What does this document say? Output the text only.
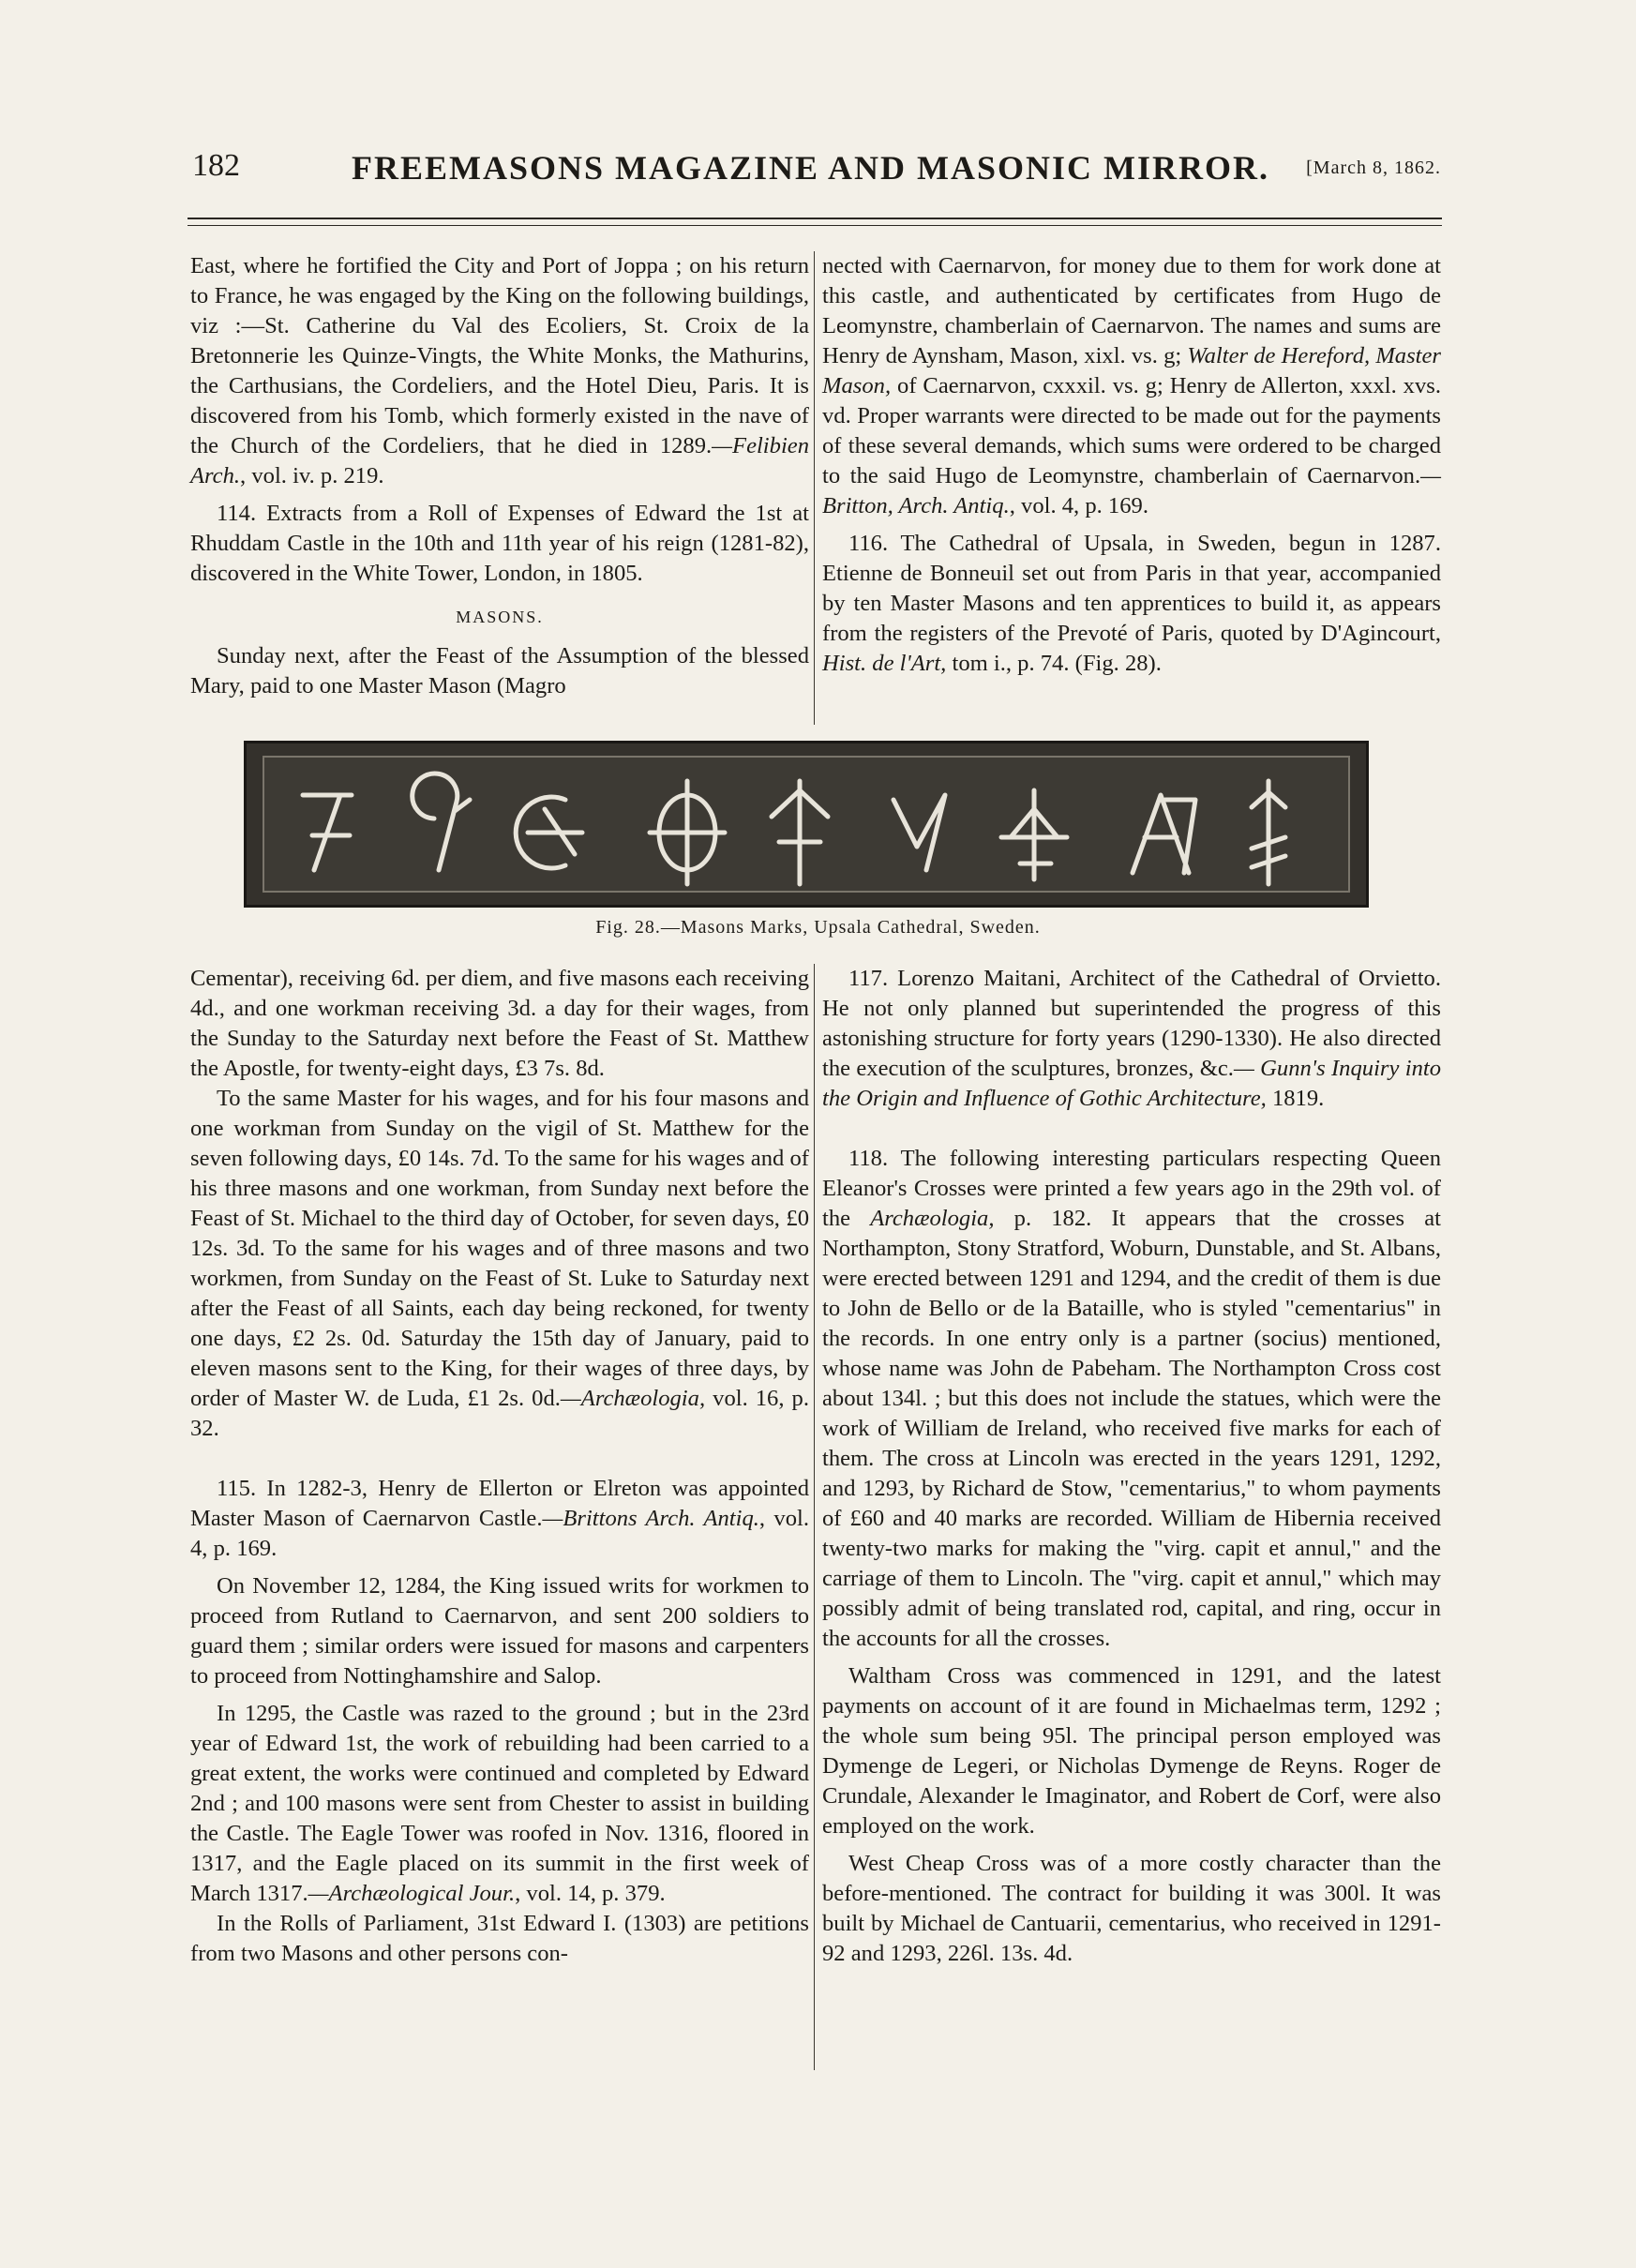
182	FREEMASONS MAGAZINE AND MASONIC MIRROR. [March 8, 1862.

East, where he fortified the City and Port of Joppa ; on his return to France, he was engaged by the King on the following buildings, viz :—St. Catherine du Val des Ecoliers, St. Croix de la Bretonnerie les Quinze-Vingts, the White Monks, the Mathurins, the Carthusians, the Cordeliers, and the Hotel Dieu, Paris. It is discovered from his Tomb, which formerly existed in the nave of the Church of the Cordeliers, that he died in 1289.—Felibien Arch., vol. iv. p. 219.

114. Extracts from a Roll of Expenses of Edward the 1st at Rhuddam Castle in the 10th and 11th year of his reign (1281-82), discovered in the White Tower, London, in 1805.

MASONS.

Sunday next, after the Feast of the Assumption of the blessed Mary, paid to one Master Mason (Magro

nected with Caernarvon, for money due to them for work done at this castle, and authenticated by certificates from Hugo de Leomynstre, chamberlain of Caernarvon. The names and sums are Henry de Aynsham, Mason, xixl. vs. g; Walter de Hereford, Master Mason, of Caernarvon, cxxxil. vs. g; Henry de Allerton, xxxl. xvs. vd. Proper warrants were directed to be made out for the payments of these several demands, which sums were ordered to be charged to the said Hugo de Leomynstre, chamberlain of Caernarvon.—Britton, Arch. Antiq., vol. 4, p. 169.

116. The Cathedral of Upsala, in Sweden, begun in 1287. Etienne de Bonneuil set out from Paris in that year, accompanied by ten Master Masons and ten apprentices to build it, as appears from the registers of the Prevoté of Paris, quoted by D'Agincourt, Hist. de l'Art, tom i., p. 74. (Fig. 28).

Fig. 28.—Masons Marks, Upsala Cathedral, Sweden.

Cementar), receiving 6d. per diem, and five masons each receiving 4d., and one workman receiving 3d. a day for their wages, from the Sunday to the Saturday next before the Feast of St. Matthew the Apostle, for twenty-eight days, £3 7s. 8d.

To the same Master for his wages, and for his four masons and one workman from Sunday on the vigil of St. Matthew for the seven following days, £0 14s. 7d. To the same for his wages and of his three masons and one workman, from Sunday next before the Feast of St. Michael to the third day of October, for seven days, £0 12s. 3d. To the same for his wages and of three masons and two workmen, from Sunday on the Feast of St. Luke to Saturday next after the Feast of all Saints, each day being reckoned, for twenty one days, £2 2s. 0d. Saturday the 15th day of January, paid to eleven masons sent to the King, for their wages of three days, by order of Master W. de Luda, £1 2s. 0d.—Archæologia, vol. 16, p. 32.

115. In 1282-3, Henry de Ellerton or Elreton was appointed Master Mason of Caernarvon Castle.—Brittons Arch. Antiq., vol. 4, p. 169.

On November 12, 1284, the King issued writs for workmen to proceed from Rutland to Caernarvon, and sent 200 soldiers to guard them ; similar orders were issued for masons and carpenters to proceed from Nottinghamshire and Salop.

In 1295, the Castle was razed to the ground ; but in the 23rd year of Edward 1st, the work of rebuilding had been carried to a great extent, the works were continued and completed by Edward 2nd ; and 100 masons were sent from Chester to assist in building the Castle. The Eagle Tower was roofed in Nov. 1316, floored in 1317, and the Eagle placed on its summit in the first week of March 1317.—Archæological Jour., vol. 14, p. 379.

In the Rolls of Parliament, 31st Edward I. (1303) are petitions from two Masons and other persons con-

117. Lorenzo Maitani, Architect of the Cathedral of Orvietto. He not only planned but superintended the progress of this astonishing structure for forty years (1290-1330). He also directed the execution of the sculptures, bronzes, &c.— Gunn's Inquiry into the Origin and Influence of Gothic Architecture, 1819.

118. The following interesting particulars respecting Queen Eleanor's Crosses were printed a few years ago in the 29th vol. of the Archæologia, p. 182. It appears that the crosses at Northampton, Stony Stratford, Woburn, Dunstable, and St. Albans, were erected between 1291 and 1294, and the credit of them is due to John de Bello or de la Bataille, who is styled "cementarius" in the records. In one entry only is a partner (socius) mentioned, whose name was John de Pabeham. The Northampton Cross cost about 134l. ; but this does not include the statues, which were the work of William de Ireland, who received five marks for each of them. The cross at Lincoln was erected in the years 1291, 1292, and 1293, by Richard de Stow, "cementarius," to whom payments of £60 and 40 marks are recorded. William de Hibernia received twenty-two marks for making the "virg. capit et annul," and the carriage of them to Lincoln. The "virg. capit et annul," which may possibly admit of being translated rod, capital, and ring, occur in the accounts for all the crosses.

Waltham Cross was commenced in 1291, and the latest payments on account of it are found in Michaelmas term, 1292 ; the whole sum being 95l. The principal person employed was Dymenge de Legeri, or Nicholas Dymenge de Reyns. Roger de Crundale, Alexander le Imaginator, and Robert de Corf, were also employed on the work.

West Cheap Cross was of a more costly character than the before-mentioned. The contract for building it was 300l. It was built by Michael de Cantuarii, cementarius, who received in 1291-92 and 1293, 226l. 13s. 4d.
